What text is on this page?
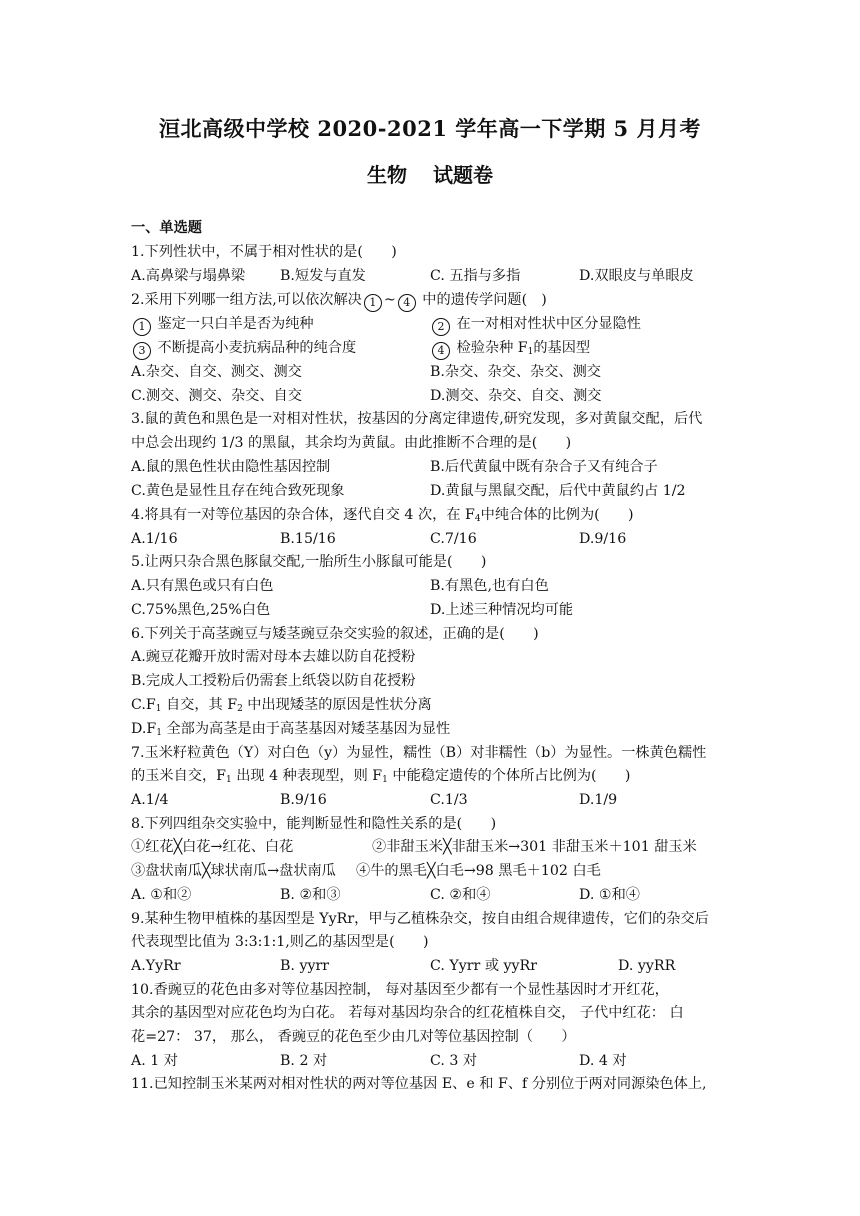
洹北高级中学校 2020-2021 学年高一下学期 5 月月考
生物 试题卷
一、单选题
1.下列性状中，不属于相对性状的是(　　)
A.高鼻梁与塌鼻梁 B.短发与直发	C. 五指与多指	D.双眼皮与单眼皮
2.采用下列哪一组方法,可以依次解决 1 ~ 4 中的遗传学问题(　)
1 鉴定一只白羊是否为纯种	2 在一对相对性状中区分显隐性
3 不断提高小麦抗病品种的纯合度	4 检验杂种 $F_1$的基因型
A.杂交、自交、测交、测交	B.杂交、杂交、杂交、测交
C.测交、测交、杂交、自交	D.测交、杂交、自交、测交
3.鼠的黄色和黑色是一对相对性状，按基因的分离定律遗传,研究发现，多对黄鼠交配，后代
中总会出现约 1/3 的黑鼠，其余均为黄鼠。由此推断不合理的是(　　)
A.鼠的黑色性状由隐性基因控制	B.后代黄鼠中既有杂合子又有纯合子
C.黄色是显性且存在纯合致死现象	D.黄鼠与黑鼠交配，后代中黄鼠约占 1/2
4.将具有一对等位基因的杂合体，逐代自交 4 次，在 $F_4$中纯合体的比例为(　　)
A.1/16	B.15/16	C.7/16	D.9/16
5.让两只杂合黑色豚鼠交配,一胎所生小豚鼠可能是(　　)
A.只有黑色或只有白色	B.有黑色,也有白色
C.75%黑色,25%白色	D.上述三种情况均可能
6.下列关于高茎豌豆与矮茎豌豆杂交实验的叙述，正确的是(　　)
A.豌豆花瓣开放时需对母本去雄以防自花授粉
B.完成人工授粉后仍需套上纸袋以防自花授粉
$C.F_1$ 自交，其 $F_2$ 中出现矮茎的原因是性状分离
$D.F_1$ 全部为高茎是由于高茎基因对矮茎基因为显性
7.玉米籽粒黄色（Y）对白色（y）为显性，糯性（B）对非糯性（b）为显性。一株黄色糯性
的玉米自交，$F_1$ 出现 4 种表现型，则 $F_1$ 中能稳定遗传的个体所占比例为(　　)
A.1/4	B.9/16	C.1/3	D.1/9
8.下列四组杂交实验中，能判断显性和隐性关系的是(　　)
①红花╳白花→红花、白花	②非甜玉米╳非甜玉米→301 非甜玉米＋101 甜玉米
③盘状南瓜╳球状南瓜→盘状南瓜 ④牛的黑毛╳白毛→98 黑毛＋102 白毛
A. ①和②	B. ②和③	C. ②和④	D. ①和④
9.某种生物甲植株的基因型是 YyRr，甲与乙植株杂交，按自由组合规律遗传，它们的杂交后
代表现型比值为 3:3:1:1,则乙的基因型是(　　)
A.YyRr	B. yyrr	C. Yyrr 或 yyRr	D. yyRR
10.香豌豆的花色由多对等位基因控制， 每对基因至少都有一个显性基因时才开红花，
其余的基因型对应花色均为白花。 若每对基因均杂合的红花植株自交， 子代中红花： 白
花=27： 37， 那么， 香豌豆的花色至少由几对等位基因控制（　　）
A. 1 对	B. 2 对	C. 3 对	D. 4 对
11.已知控制玉米某两对相对性状的两对等位基因 E、e 和 F、f 分别位于两对同源染色体上,
